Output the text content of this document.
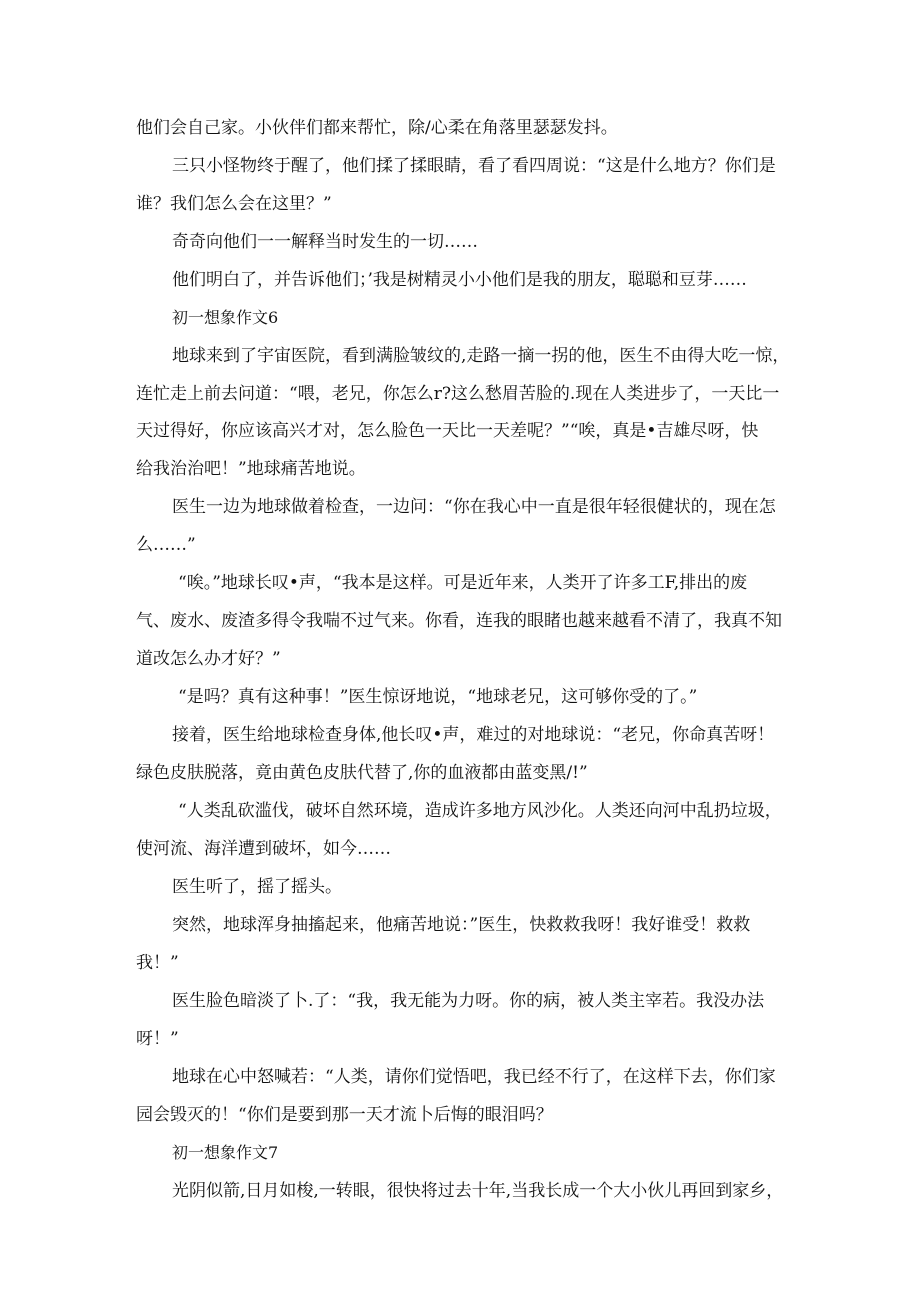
他们会自己家。小伙伴们都来帮忙，除/心柔在角落里瑟瑟发抖。

三只小怪物终于醒了，他们揉了揉眼睛，看了看四周说：“这是什么地方？你们是

谁？我们怎么会在这里？”

奇奇向他们一一解释当时发生的一切……

他们明白了，并告诉他们；’我是树精灵小小他们是我的朋友，聪聪和豆芽……

初一想象作文6

地球来到了宇宙医院，看到满脸皱纹的,走路一摘一拐的他，医生不由得大吃一惊，

连忙走上前去问道：“喂，老兄，你怎么r?这么愁眉苦脸的.现在人类进步了，一天比一

天过得好，你应该高兴才对，怎么脸色一天比一天差呢？”“唉，真是•吉雄尽呀，快

给我治治吧！”地球痛苦地说。

医生一边为地球做着检查，一边问：“你在我心中一直是很年轻很健状的，现在怎

么……”

“唉。”地球长叹•声，“我本是这样。可是近年来，人类开了许多工F,排出的废

气、废水、废渣多得令我喘不过气来。你看，连我的眼睹也越来越看不清了，我真不知

道改怎么办才好？”

“是吗？真有这种事！”医生惊讶地说，“地球老兄，这可够你受的了。”

接着，医生给地球检查身体,他长叹•声，难过的对地球说：“老兄，你命真苦呀！

绿色皮肤脱落，竟由黄色皮肤代替了,你的血液都由蓝变黑/!”

“人类乱砍滥伐，破坏自然环境，造成许多地方风沙化。人类还向河中乱扔垃圾，

使河流、海洋遭到破坏，如今……

医生听了，摇了摇头。

突然，地球浑身抽搐起来，他痛苦地说：”医生，快救救我呀！我好谁受！救救

我！”

医生脸色暗淡了卜.了：“我，我无能为力呀。你的病，被人类主宰若。我没办法

呀！”

地球在心中怒喊若：“人类，请你们觉悟吧，我已经不行了，在这样下去，你们家

园会毁灭的！“你们是要到那一天才流卜后悔的眼泪吗？

初一想象作文7

光阴似箭,日月如梭,一转眼，很快将过去十年,当我长成一个大小伙儿再回到家乡，
